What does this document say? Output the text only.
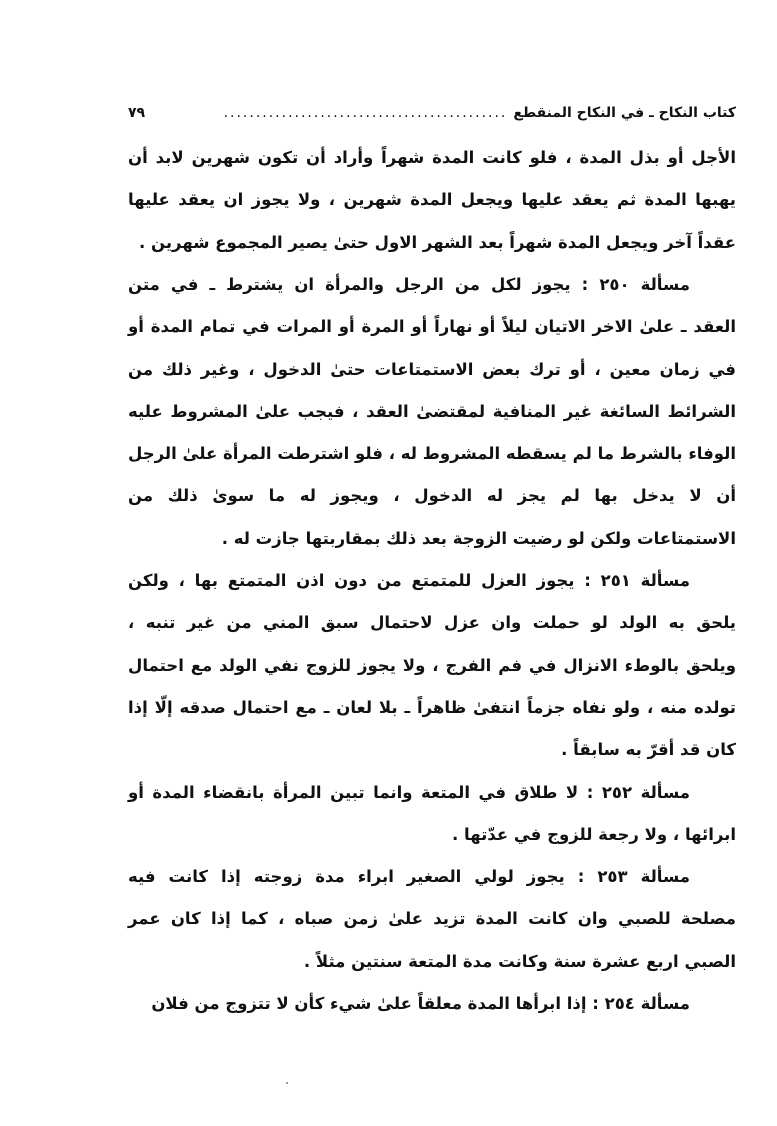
كتاب النكاح ـ في النكاح المنقطع
............................................
٧٩
الأجل أو بذل المدة ، فلو كانت المدة شهراً وأراد أن تكون شهرين لابد أن
يهبها المدة ثم يعقد عليها ويجعل المدة شهرين ، ولا يجوز ان يعقد عليها
عقداً آخر ويجعل المدة شهراً بعد الشهر الاول حتىٰ يصير المجموع شهرين .
مسألة ٢٥٠ : يجوز لكل من الرجل والمرأة ان يشترط ـ في متن
العقد ـ علىٰ الاخر الاتيان ليلاً أو نهاراً أو المرة أو المرات في تمام المدة أو
في زمان معين ، أو ترك بعض الاستمتاعات حتىٰ الدخول ، وغير ذلك من
الشرائط السائغة غير المنافية لمقتضىٰ العقد ، فيجب علىٰ المشروط عليه
الوفاء بالشرط ما لم يسقطه المشروط له ، فلو اشترطت المرأة علىٰ الرجل
أن لا يدخل بها لم يجز له الدخول ، ويجوز له ما سوىٰ ذلك من
الاستمتاعات ولكن لو رضيت الزوجة بعد ذلك بمقاربتها جازت له .
مسألة ٢٥١ : يجوز العزل للمتمتع من دون اذن المتمتع بها ، ولكن
يلحق به الولد لو حملت وان عزل لاحتمال سبق المني من غير تنبه ،
ويلحق بالوطء الانزال في فم الفرج ، ولا يجوز للزوج نفي الولد مع احتمال
تولده منه ، ولو نفاه جزماً انتفىٰ ظاهراً ـ بلا لعان ـ مع احتمال صدقه إلّا إذا
كان قد أقرّ به سابقاً .
مسألة ٢٥٢ : لا طلاق في المتعة وانما تبين المرأة بانقضاء المدة أو
ابرائها ، ولا رجعة للزوج في عدّتها .
مسألة ٢٥٣ : يجوز لولي الصغير ابراء مدة زوجته إذا كانت فيه
مصلحة للصبي وان كانت المدة تزيد علىٰ زمن صباه ، كما إذا كان عمر
الصبي اربع عشرة سنة وكانت مدة المتعة سنتين مثلاً .
مسألة ٢٥٤ : إذا ابرأها المدة معلقاً علىٰ شيء كأن لا تتزوج من فلان
